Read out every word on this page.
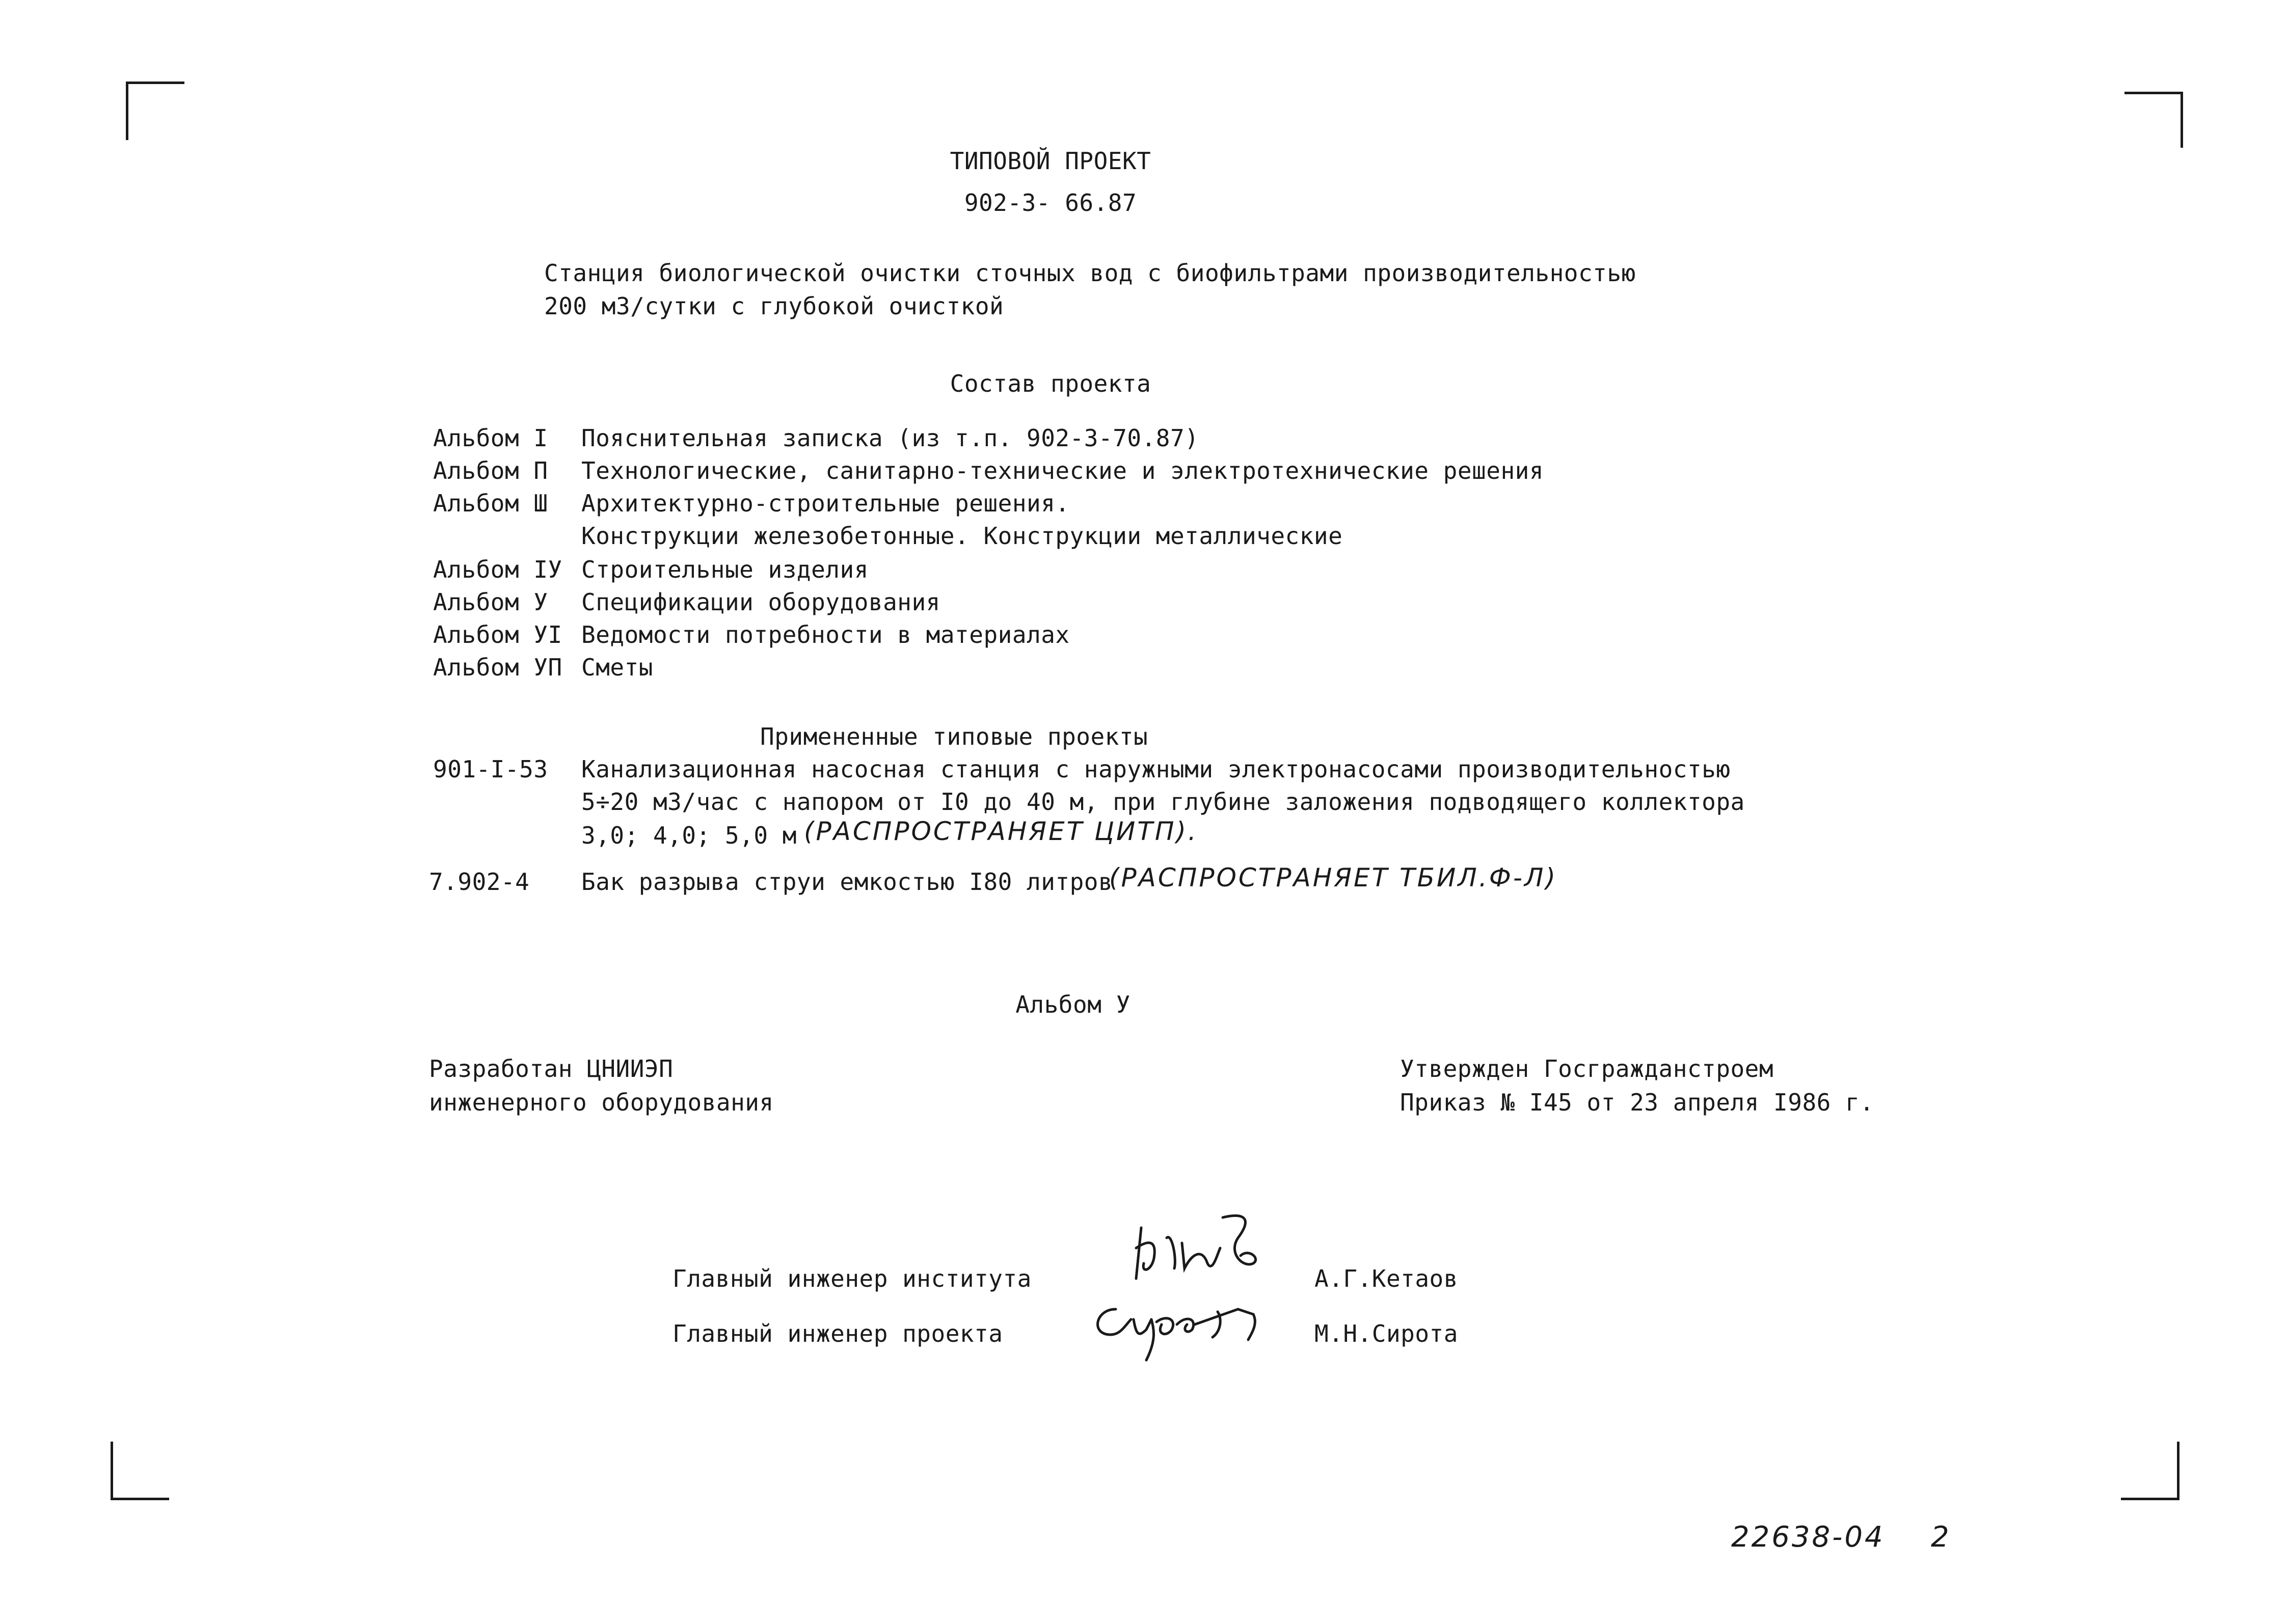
ТИПОВОЙ ПРОЕКТ
902-3- 66.87
Станция биологической очистки сточных вод с биофильтрами производительностью
200 м3/сутки с глубокой очисткой
Состав проекта
Альбом I Пояснительная записка (из т.п. 902-3-70.87)
Альбом П Технологические, санитарно-технические и электротехнические решения
Альбом Ш Архитектурно-строительные решения.
Конструкции железобетонные. Конструкции металлические
Альбом IУ Строительные изделия
Альбом У Спецификации оборудования
Альбом УI Ведомости потребности в материалах
Альбом УП Сметы
Примененные типовые проекты
901-I-53 Канализационная насосная станция с наружными электронасосами производительностью
5÷20 м3/час с напором от I0 до 40 м, при глубине заложения подводящего коллектора
3,0; 4,0; 5,0 м (РАСПРОСТРАНЯЕТ ЦИТП).
7.902-4 Бак разрыва струи емкостью I80 литров
(РАСПРОСТРАНЯЕТ ТБИЛ.Ф-Л)
Альбом У
Разработан ЦНИИЭП
инженерного оборудования
Утвержден Госгражданстроем
Приказ № I45 от 23 апреля I986 г.
Главный инженер института	А.Г.Кетаов
Главный инженер проекта	М.Н.Сирота
22638-04 2
